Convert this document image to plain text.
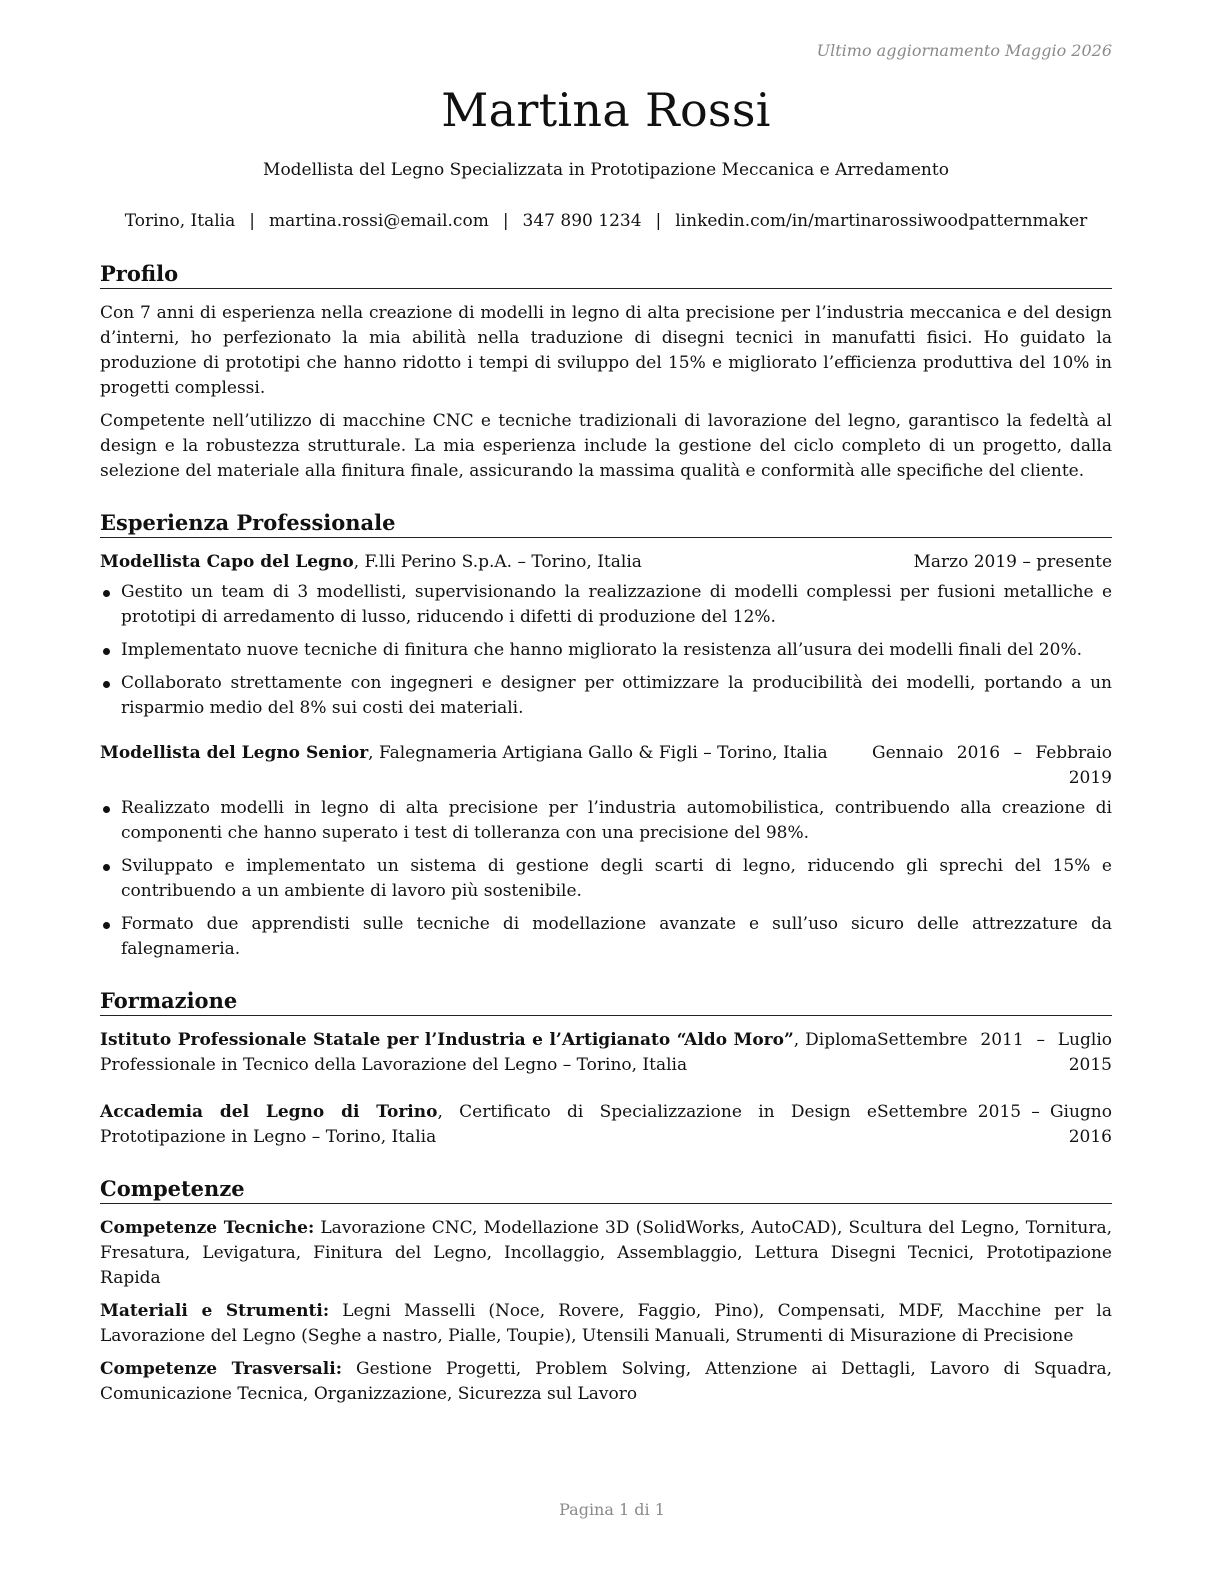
Ultimo aggiornamento Maggio 2026
Martina Rossi
Modellista del Legno Specializzata in Prototipazione Meccanica e Arredamento
Torino, Italia | martina.rossi@email.com | 347 890 1234 | linkedin.com/in/martinarossiwoodpatternmaker
Profilo

Con 7 anni di esperienza nella creazione di modelli in legno di alta precisione per l’industria meccanica e del design d’interni, ho perfezionato la mia abilità nella traduzione di disegni tecnici in manufatti fisici. Ho guidato la produzione di prototipi che hanno ridotto i tempi di sviluppo del 15% e migliorato l’efficienza produttiva del 10% in progetti complessi.

Competente nell’utilizzo di macchine CNC e tecniche tradizionali di lavorazione del legno, garantisco la fedeltà al design e la robustezza strutturale. La mia esperienza include la gestione del ciclo completo di un progetto, dalla selezione del materiale alla finitura finale, assicurando la massima qualità e conformità alle specifiche del cliente.

Esperienza Professionale
Modellista Capo del Legno, F.lli Perino S.p.A. – Torino, Italia	Marzo 2019 – presente
Gestito un team di 3 modellisti, supervisionando la realizzazione di modelli complessi per fusioni metalliche e prototipi di arredamento di lusso, riducendo i difetti di produzione del 12%.
Implementato nuove tecniche di finitura che hanno migliorato la resistenza all’usura dei modelli finali del 20%.
Collaborato strettamente con ingegneri e designer per ottimizzare la producibilità dei modelli, portando a un risparmio medio del 8% sui costi dei materiali.
Modellista del Legno Senior, Falegnameria Artigiana Gallo & Figli – Torino, Italia	Gennaio 2016 – Febbraio 2019
Realizzato modelli in legno di alta precisione per l’industria automobilistica, contribuendo alla creazione di componenti che hanno superato i test di tolleranza con una precisione del 98%.
Sviluppato e implementato un sistema di gestione degli scarti di legno, riducendo gli sprechi del 15% e contribuendo a un ambiente di lavoro più sostenibile.
Formato due apprendisti sulle tecniche di modellazione avanzate e sull’uso sicuro delle attrezzature da falegnameria.
Formazione
Istituto Professionale Statale per l’Industria e l’Artigianato “Aldo Moro”, Diploma Professionale in Tecnico della Lavorazione del Legno – Torino, Italia
Settembre 2011 – Luglio 2015
Accademia del Legno di Torino, Certificato di Specializzazione in Design e Prototipazione in Legno – Torino, Italia
Settembre 2015 – Giugno 2016
Competenze

Competenze Tecniche: Lavorazione CNC, Modellazione 3D (SolidWorks, AutoCAD), Scultura del Legno, Tornitura, Fresatura, Levigatura, Finitura del Legno, Incollaggio, Assemblaggio, Lettura Disegni Tecnici, Prototipazione Rapida

Materiali e Strumenti: Legni Masselli (Noce, Rovere, Faggio, Pino), Compensati, MDF, Macchine per la Lavorazione del Legno (Seghe a nastro, Pialle, Toupie), Utensili Manuali, Strumenti di Misurazione di Precisione

Competenze Trasversali: Gestione Progetti, Problem Solving, Attenzione ai Dettagli, Lavoro di Squadra, Comunicazione Tecnica, Organizzazione, Sicurezza sul Lavoro

Pagina 1 di 1
